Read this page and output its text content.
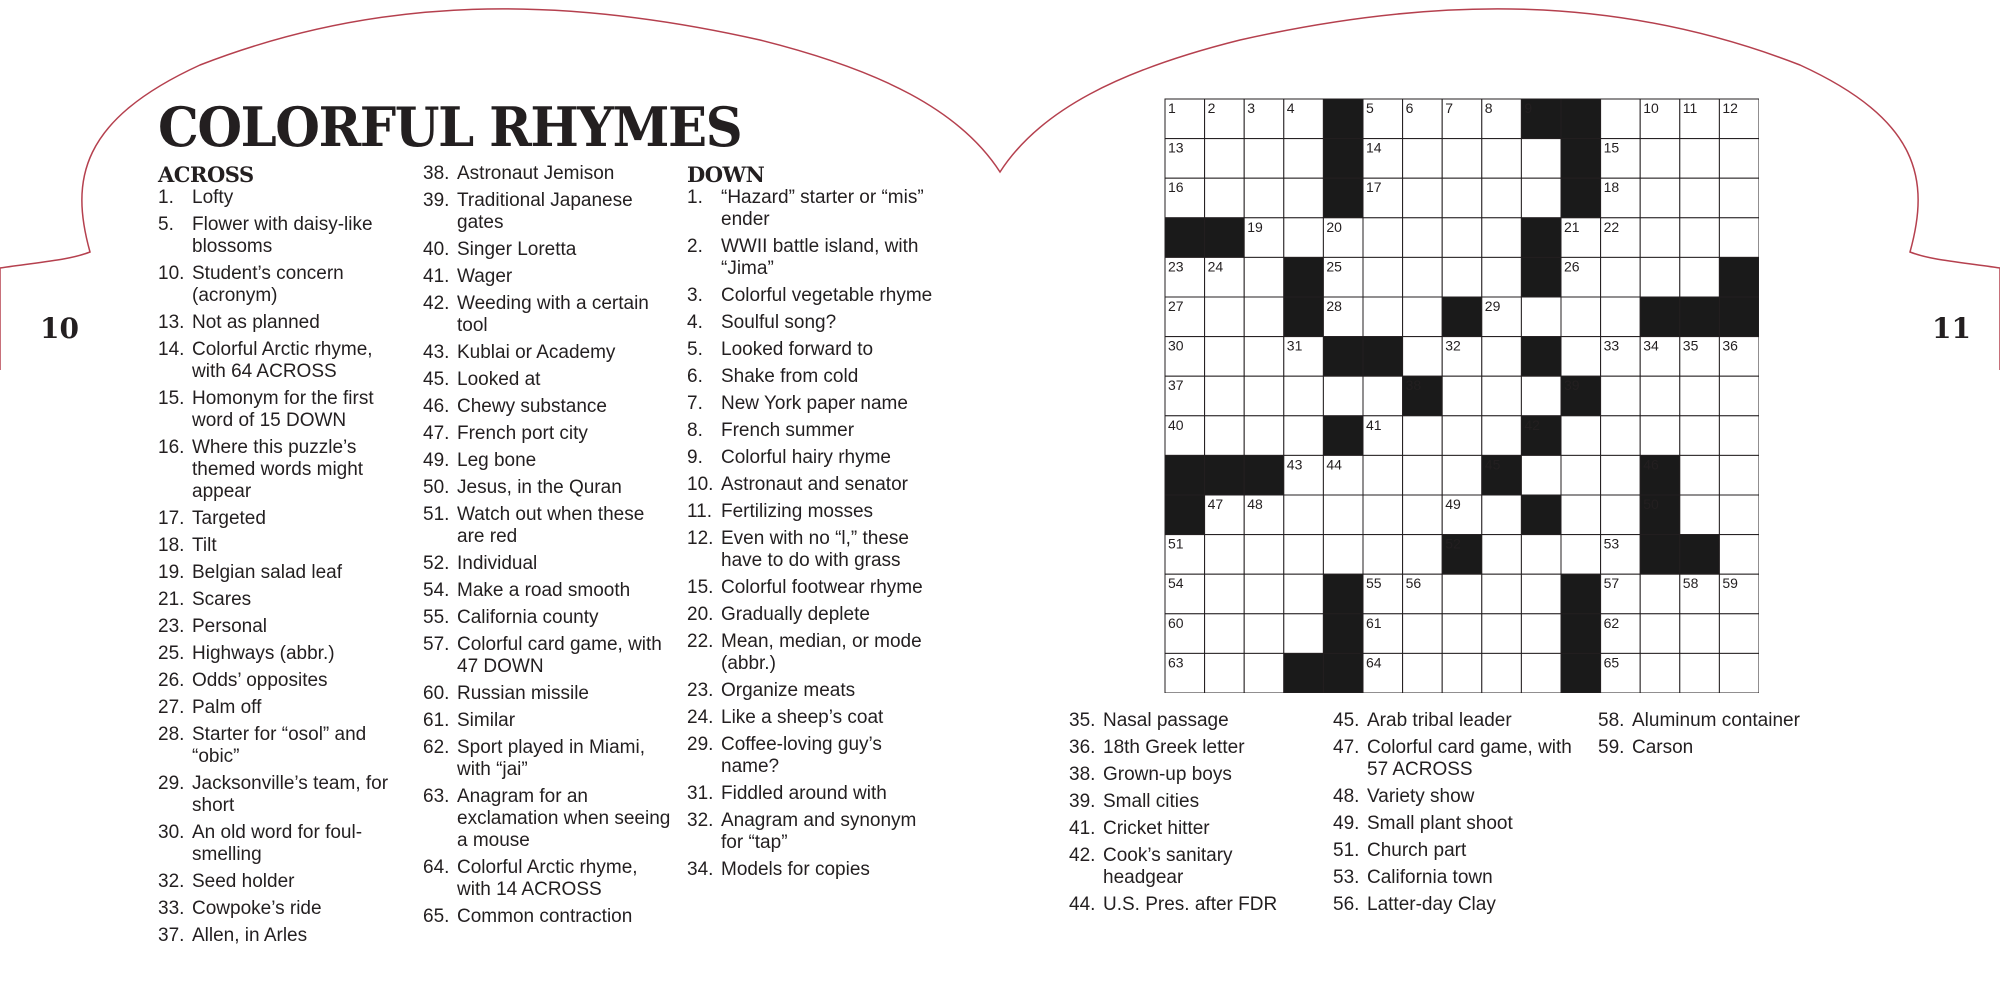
10	11
COLORFUL RHYMES
ACROSS
1. Lofty
5. Flower with daisy-like blossoms
10. Student’s concern (acronym)
13. Not as planned
14. Colorful Arctic rhyme, with 64 ACROSS
15. Homonym for the first word of 15 DOWN
16. Where this puzzle’s themed words might appear
17. Targeted
18. Tilt
19. Belgian salad leaf
21. Scares
23. Personal
25. Highways (abbr.)
26. Odds’ opposites
27. Palm off
28. Starter for “osol” and “obic”
29. Jacksonville’s team, for short
30. An old word for foul-smelling
32. Seed holder
33. Cowpoke’s ride
37. Allen, in Arles
38. Astronaut Jemison
39. Traditional Japanese gates
40. Singer Loretta
41. Wager
42. Weeding with a certain tool
43. Kublai or Academy
45. Looked at
46. Chewy substance
47. French port city
49. Leg bone
50. Jesus, in the Quran
51. Watch out when these are red
52. Individual
54. Make a road smooth
55. California county
57. Colorful card game, with 47 DOWN
60. Russian missile
61. Similar
62. Sport played in Miami, with “jai”
63. Anagram for an exclamation when seeing a mouse
64. Colorful Arctic rhyme, with 14 ACROSS
65. Common contraction
DOWN
1. “Hazard” starter or “mis” ender
2. WWII battle island, with “Jima”
3. Colorful vegetable rhyme
4. Soulful song?
5. Looked forward to
6. Shake from cold
7. New York paper name
8. French summer
9. Colorful hairy rhyme
10. Astronaut and senator
11. Fertilizing mosses
12. Even with no “l,” these have to do with grass
15. Colorful footwear rhyme
20. Gradually deplete
22. Mean, median, or mode (abbr.)
23. Organize meats
24. Like a sheep’s coat
29. Coffee-loving guy’s name?
31. Fiddled around with
32. Anagram and synonym for “tap”
34. Models for copies
35. Nasal passage
36. 18th Greek letter
38. Grown-up boys
39. Small cities
41. Cricket hitter
42. Cook’s sanitary headgear
44. U.S. Pres. after FDR
45. Arab tribal leader
47. Colorful card game, with 57 ACROSS
48. Variety show
49. Small plant shoot
51. Church part
53. California town
56. Latter-day Clay
58. Aluminum container
59. Carson
1 2 3 4	5 6 7 8 9	10 11 12
13	14	15
16	17	18
19	20	21 22
23 24	25	26
27	28	29
30	31	32	33 34 35 36
37	38	39
40	41	42
43 44	45	46
47 48	49	50
51	52	53
54	55 56	57	58 59
60	61	62
63	64	65
